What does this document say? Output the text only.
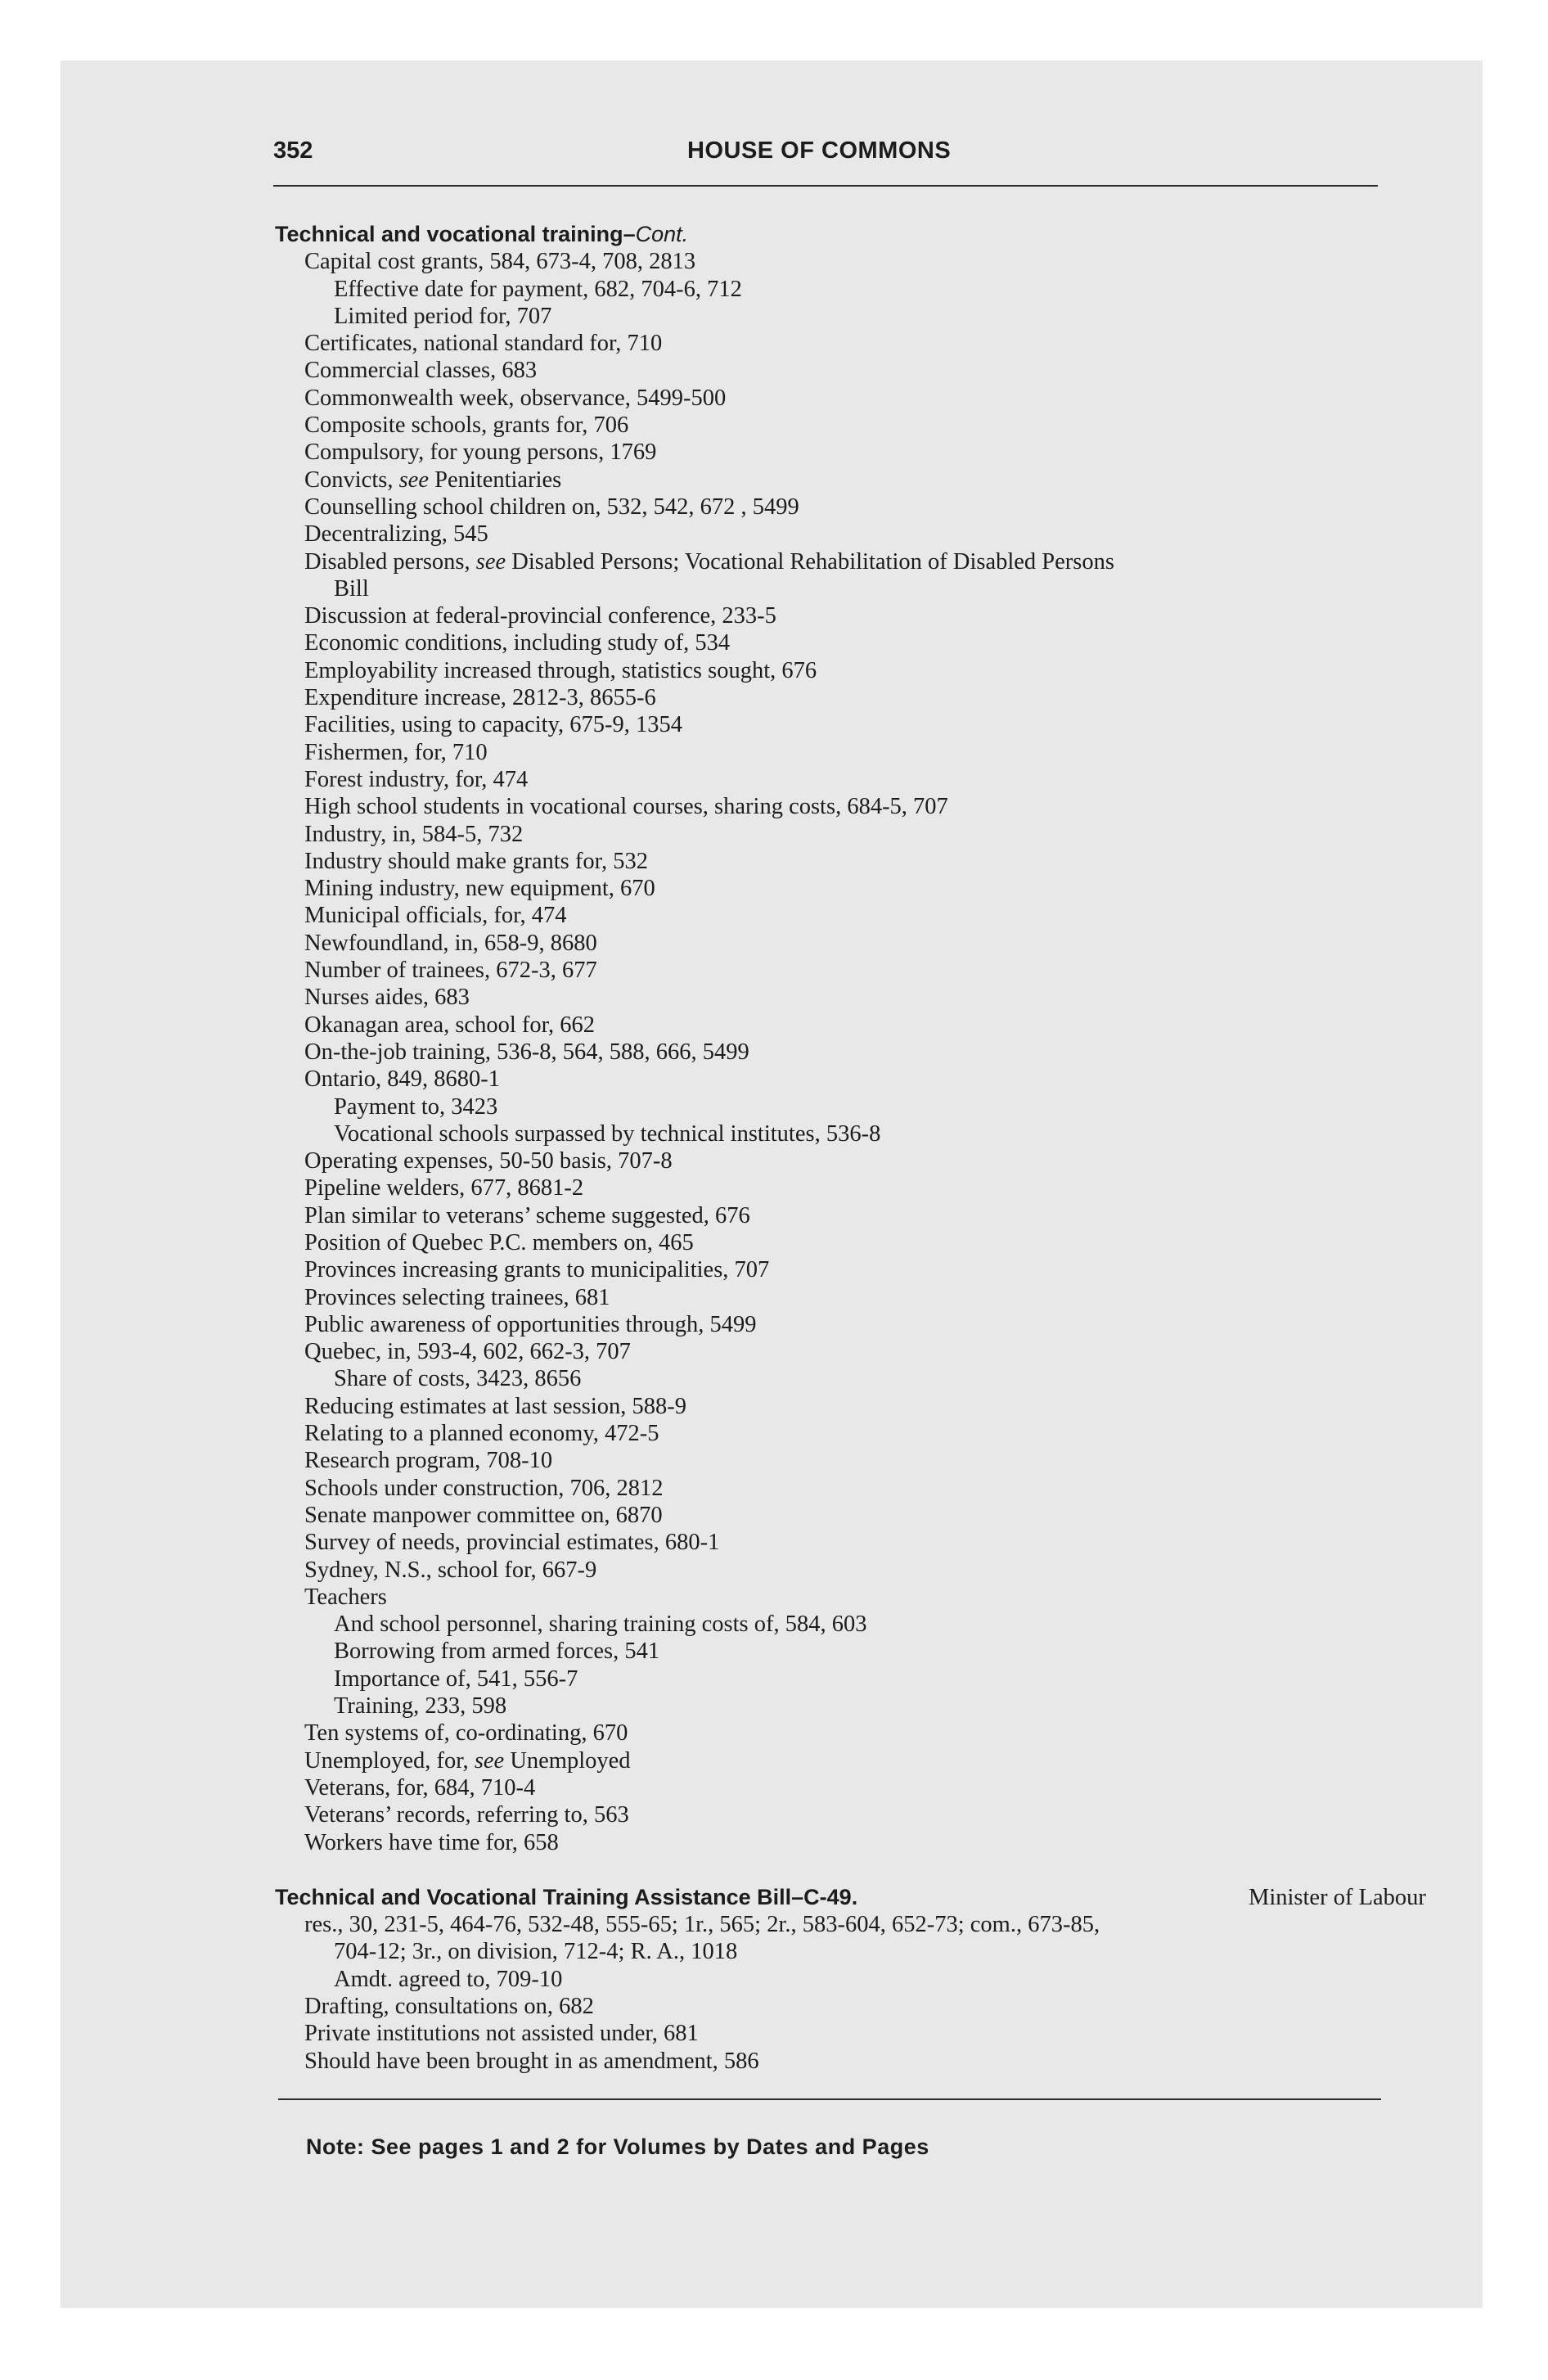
352	HOUSE OF COMMONS
Technical and vocational training–Cont.
Capital cost grants, 584, 673-4, 708, 2813
Effective date for payment, 682, 704-6, 712
Limited period for, 707
Certificates, national standard for, 710
Commercial classes, 683
Commonwealth week, observance, 5499-500
Composite schools, grants for, 706
Compulsory, for young persons, 1769
Convicts, see Penitentiaries
Counselling school children on, 532, 542, 672 , 5499
Decentralizing, 545
Disabled persons, see Disabled Persons; Vocational Rehabilitation of Disabled Persons
Bill
Discussion at federal-provincial conference, 233-5
Economic conditions, including study of, 534
Employability increased through, statistics sought, 676
Expenditure increase, 2812-3, 8655-6
Facilities, using to capacity, 675-9, 1354
Fishermen, for, 710
Forest industry, for, 474
High school students in vocational courses, sharing costs, 684-5, 707
Industry, in, 584-5, 732
Industry should make grants for, 532
Mining industry, new equipment, 670
Municipal officials, for, 474
Newfoundland, in, 658-9, 8680
Number of trainees, 672-3, 677
Nurses aides, 683
Okanagan area, school for, 662
On-the-job training, 536-8, 564, 588, 666, 5499
Ontario, 849, 8680-1
Payment to, 3423
Vocational schools surpassed by technical institutes, 536-8
Operating expenses, 50-50 basis, 707-8
Pipeline welders, 677, 8681-2
Plan similar to veterans’ scheme suggested, 676
Position of Quebec P.C. members on, 465
Provinces increasing grants to municipalities, 707
Provinces selecting trainees, 681
Public awareness of opportunities through, 5499
Quebec, in, 593-4, 602, 662-3, 707
Share of costs, 3423, 8656
Reducing estimates at last session, 588-9
Relating to a planned economy, 472-5
Research program, 708-10
Schools under construction, 706, 2812
Senate manpower committee on, 6870
Survey of needs, provincial estimates, 680-1
Sydney, N.S., school for, 667-9
Teachers
And school personnel, sharing training costs of, 584, 603
Borrowing from armed forces, 541
Importance of, 541, 556-7
Training, 233, 598
Ten systems of, co-ordinating, 670
Unemployed, for, see Unemployed
Veterans, for, 684, 710-4
Veterans’ records, referring to, 563
Workers have time for, 658
Technical and Vocational Training Assistance Bill–C-49.	Minister of Labour
res., 30, 231-5, 464-76, 532-48, 555-65; 1r., 565; 2r., 583-604, 652-73; com., 673-85,
704-12; 3r., on division, 712-4; R. A., 1018
Amdt. agreed to, 709-10
Drafting, consultations on, 682
Private institutions not assisted under, 681
Should have been brought in as amendment, 586
Note: See pages 1 and 2 for Volumes by Dates and Pages
